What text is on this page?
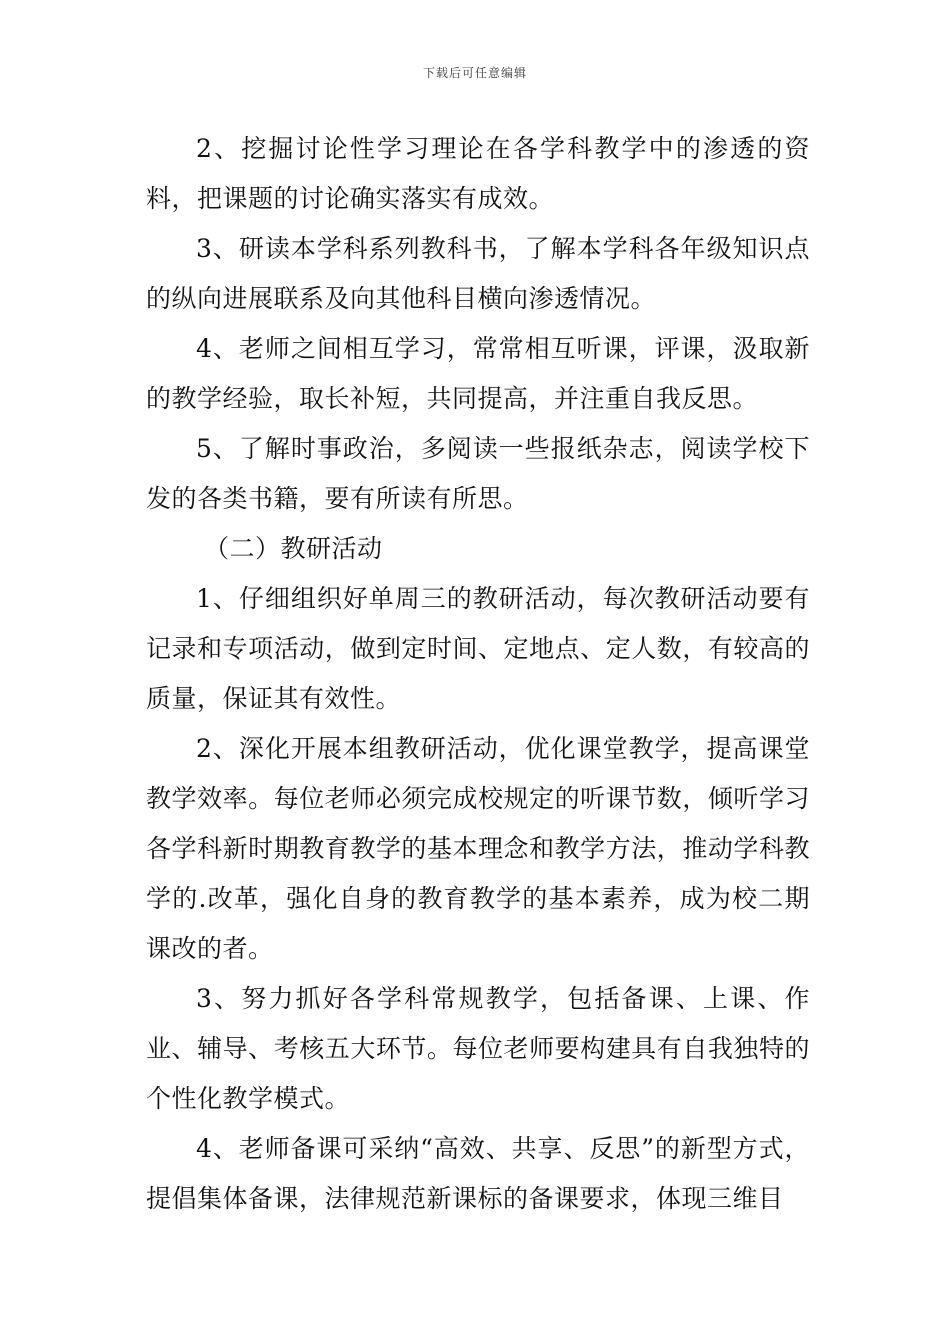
下载后可任意编辑

2、挖掘讨论性学习理论在各学科教学中的渗透的资料，把课题的讨论确实落实有成效。

3、研读本学科系列教科书，了解本学科各年级知识点的纵向进展联系及向其他科目横向渗透情况。

4、老师之间相互学习，常常相互听课，评课，汲取新的教学经验，取长补短，共同提高，并注重自我反思。

5、了解时事政治，多阅读一些报纸杂志，阅读学校下发的各类书籍，要有所读有所思。

（二）教研活动

1、仔细组织好单周三的教研活动，每次教研活动要有记录和专项活动，做到定时间、定地点、定人数，有较高的质量，保证其有效性。

2、深化开展本组教研活动，优化课堂教学，提高课堂教学效率。每位老师必须完成校规定的听课节数，倾听学习各学科新时期教育教学的基本理念和教学方法，推动学科教学的.改革，强化自身的教育教学的基本素养，成为校二期课改的者。

3、努力抓好各学科常规教学，包括备课、上课、作业、辅导、考核五大环节。每位老师要构建具有自我独特的个性化教学模式。

4、老师备课可采纳“高效、共享、反思”的新型方式，提倡集体备课，法律规范新课标的备课要求，体现三维目
